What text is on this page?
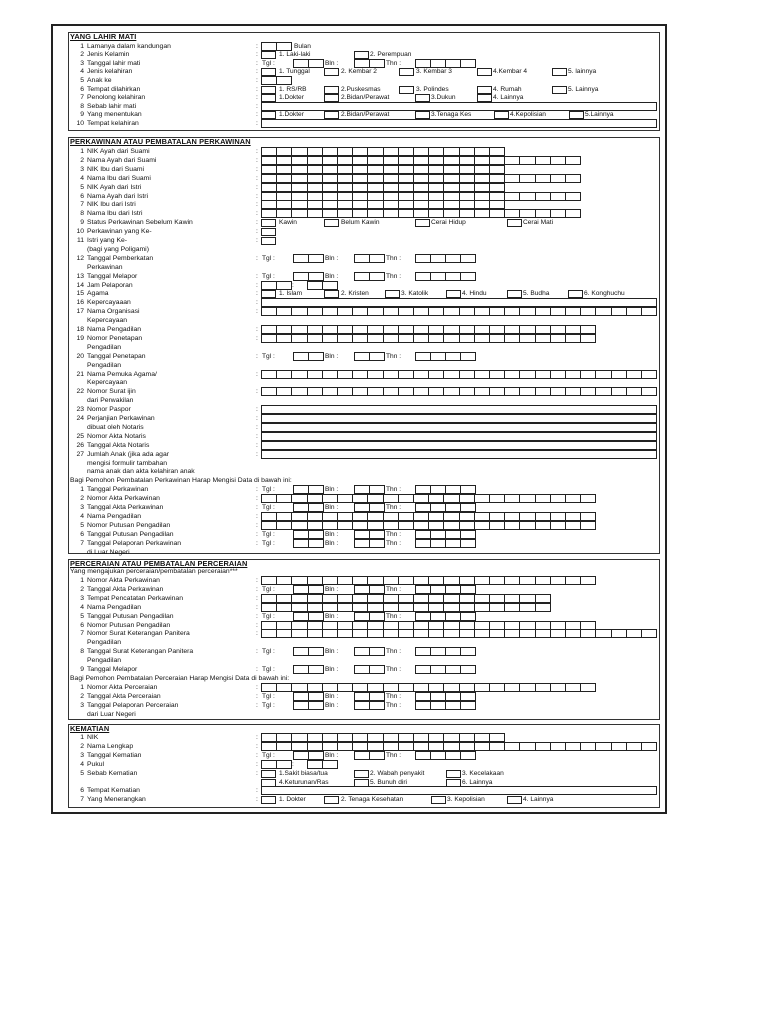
YANG LAHIR MATI
1 Lamanya dalam kandungan	:	Bulan
2 Jenis Kelamin	:	1. Laki-laki	2. Perempuan
3 Tanggal lahir mati	: Tgl :	Bln :	Thn :
4 Jenis kelahiran	:	1. Tunggal	2. Kembar 2	3. Kembar 3	4.Kembar 4	5. lainnya
5 Anak ke	:
6 Tempat dilahirkan	:	1. RS/RB	2.Puskesmas	3. Polindes	4. Rumah	5. Lainnya
7 Penolong kelahiran	:	1.Dokter	2.Bidan/Perawat	3.Dukun	4. Lainnya
8 Sebab lahir mati	:
9 Yang menentukan	:	1.Dokter	2.Bidan/Perawat	3.Tenaga Kes	4.Kepolisian	5.Lainnya
10 Tempat kelahiran	:
PERKAWINAN ATAU PEMBATALAN PERKAWINAN
1 NIK Ayah dari Suami	:
2 Nama Ayah dari Suami	:
3 NIK Ibu dari Suami	:
4 Nama Ibu dari Suami	:
5 NIK Ayah dari Istri	:
6 Nama Ayah dari Istri	:
7 NIK Ibu dari Istri	:
8 Nama Ibu dari Istri	:
9 Status Perkawinan Sebelum Kawin	:	Kawin	Belum Kawin	Cerai Hidup	Cerai Mati
10 Perkawinan yang Ke-	:
11 Istri yang Ke-	:
(bagi yang Poligami)
12 Tanggal Pemberkatan	: Tgl :	Bln :	Thn :
Perkawinan
13 Tanggal Melapor	: Tgl :	Bln :	Thn :
14 Jam Pelaporan	:	:
15 Agama	:	1. Islam	2. Kristen	3. Katolik	4. Hindu	5. Budha	6. Konghuchu
16 Kepercayaaan	:
17 Nama Organisasi	:
Kepercayaan
18 Nama Pengadilan	:
19 Nomor Penetapan	:
Pengadilan
20 Tanggal Penetapan	: Tgl :	Bln :	Thn :
Pengadilan
21 Nama Pemuka Agama/	:
Kepercayaan
22 Nomor Surat ijin	:
dari Perwakilan
23 Nomor Paspor	:
24 Perjanjian Perkawinan	:
dibuat oleh Notaris	:
25 Nomor Akta Notaris	:
26 Tanggal Akta Notaris	:
27 Jumlah Anak (jika ada agar	:
mengisi formulir tambahan
nama anak dan akta kelahiran anak
Bagi Pemohon Pembatalan Perkawinan Harap Mengisi Data di bawah ini:
1 Tanggal Perkawinan	: Tgl :	Bln :	Thn :
2 Nomor Akta Perkawinan	:
3 Tanggal Akta Perkawinan	: Tgl :	Bln :	Thn :
4 Nama Pengadilan	:
5 Nomor Putusan Pengadilan	:
6 Tanggal Putusan Pengadilan	: Tgl :	Bln :	Thn :
7 Tanggal Pelaporan Perkawinan	: Tgl :	Bln :	Thn :
di Luar Negeri
PERCERAIAN ATAU PEMBATALAN PERCERAIAN
Yang mengajukan perceraian/pembatalan perceraian***
1 Nomor Akta Perkawinan	:
2 Tanggal Akta Perkawinan	: Tgl :	Bln :	Thn :
3 Tempat Pencatatan Perkawinan	:
4 Nama Pengadilan	:
5 Tanggal Putusan Pengadilan	: Tgl :	Bln :	Thn :
6 Nomor Putusan Pengadilan	:
7 Nomor Surat Keterangan Panitera	:
Pengadilan
8 Tanggal Surat Keterangan Panitera	: Tgl :	Bln :	Thn :
Pengadilan
9 Tanggal Melapor	: Tgl :	Bln :	Thn :
Bagi Pemohon Pembatalan Perceraian Harap Mengisi Data di bawah ini:
1 Nomor Akta Perceraian	:
2 Tanggal Akta Perceraian	: Tgl :	Bln :	Thn :
3 Tanggal Pelaporan Perceraian	: Tgl :	Bln :	Thn :
dari Luar Negeri
KEMATIAN
1 NIK	:
2 Nama Lengkap	:
3 Tanggal Kematian	: Tgl :	Bln :	Thn :
4 Pukul	:	:
5 Sebab Kematian	:	1.Sakit biasa/tua	2. Wabah penyakit	3. Kecelakaan
4.Keturunan/Ras	5. Bunuh diri	6. Lainnya
6 Tempat Kematian	:
7 Yang Menerangkan	:	1. Dokter	2. Tenaga Kesehatan	3. Kepolisian	4. Lainnya
